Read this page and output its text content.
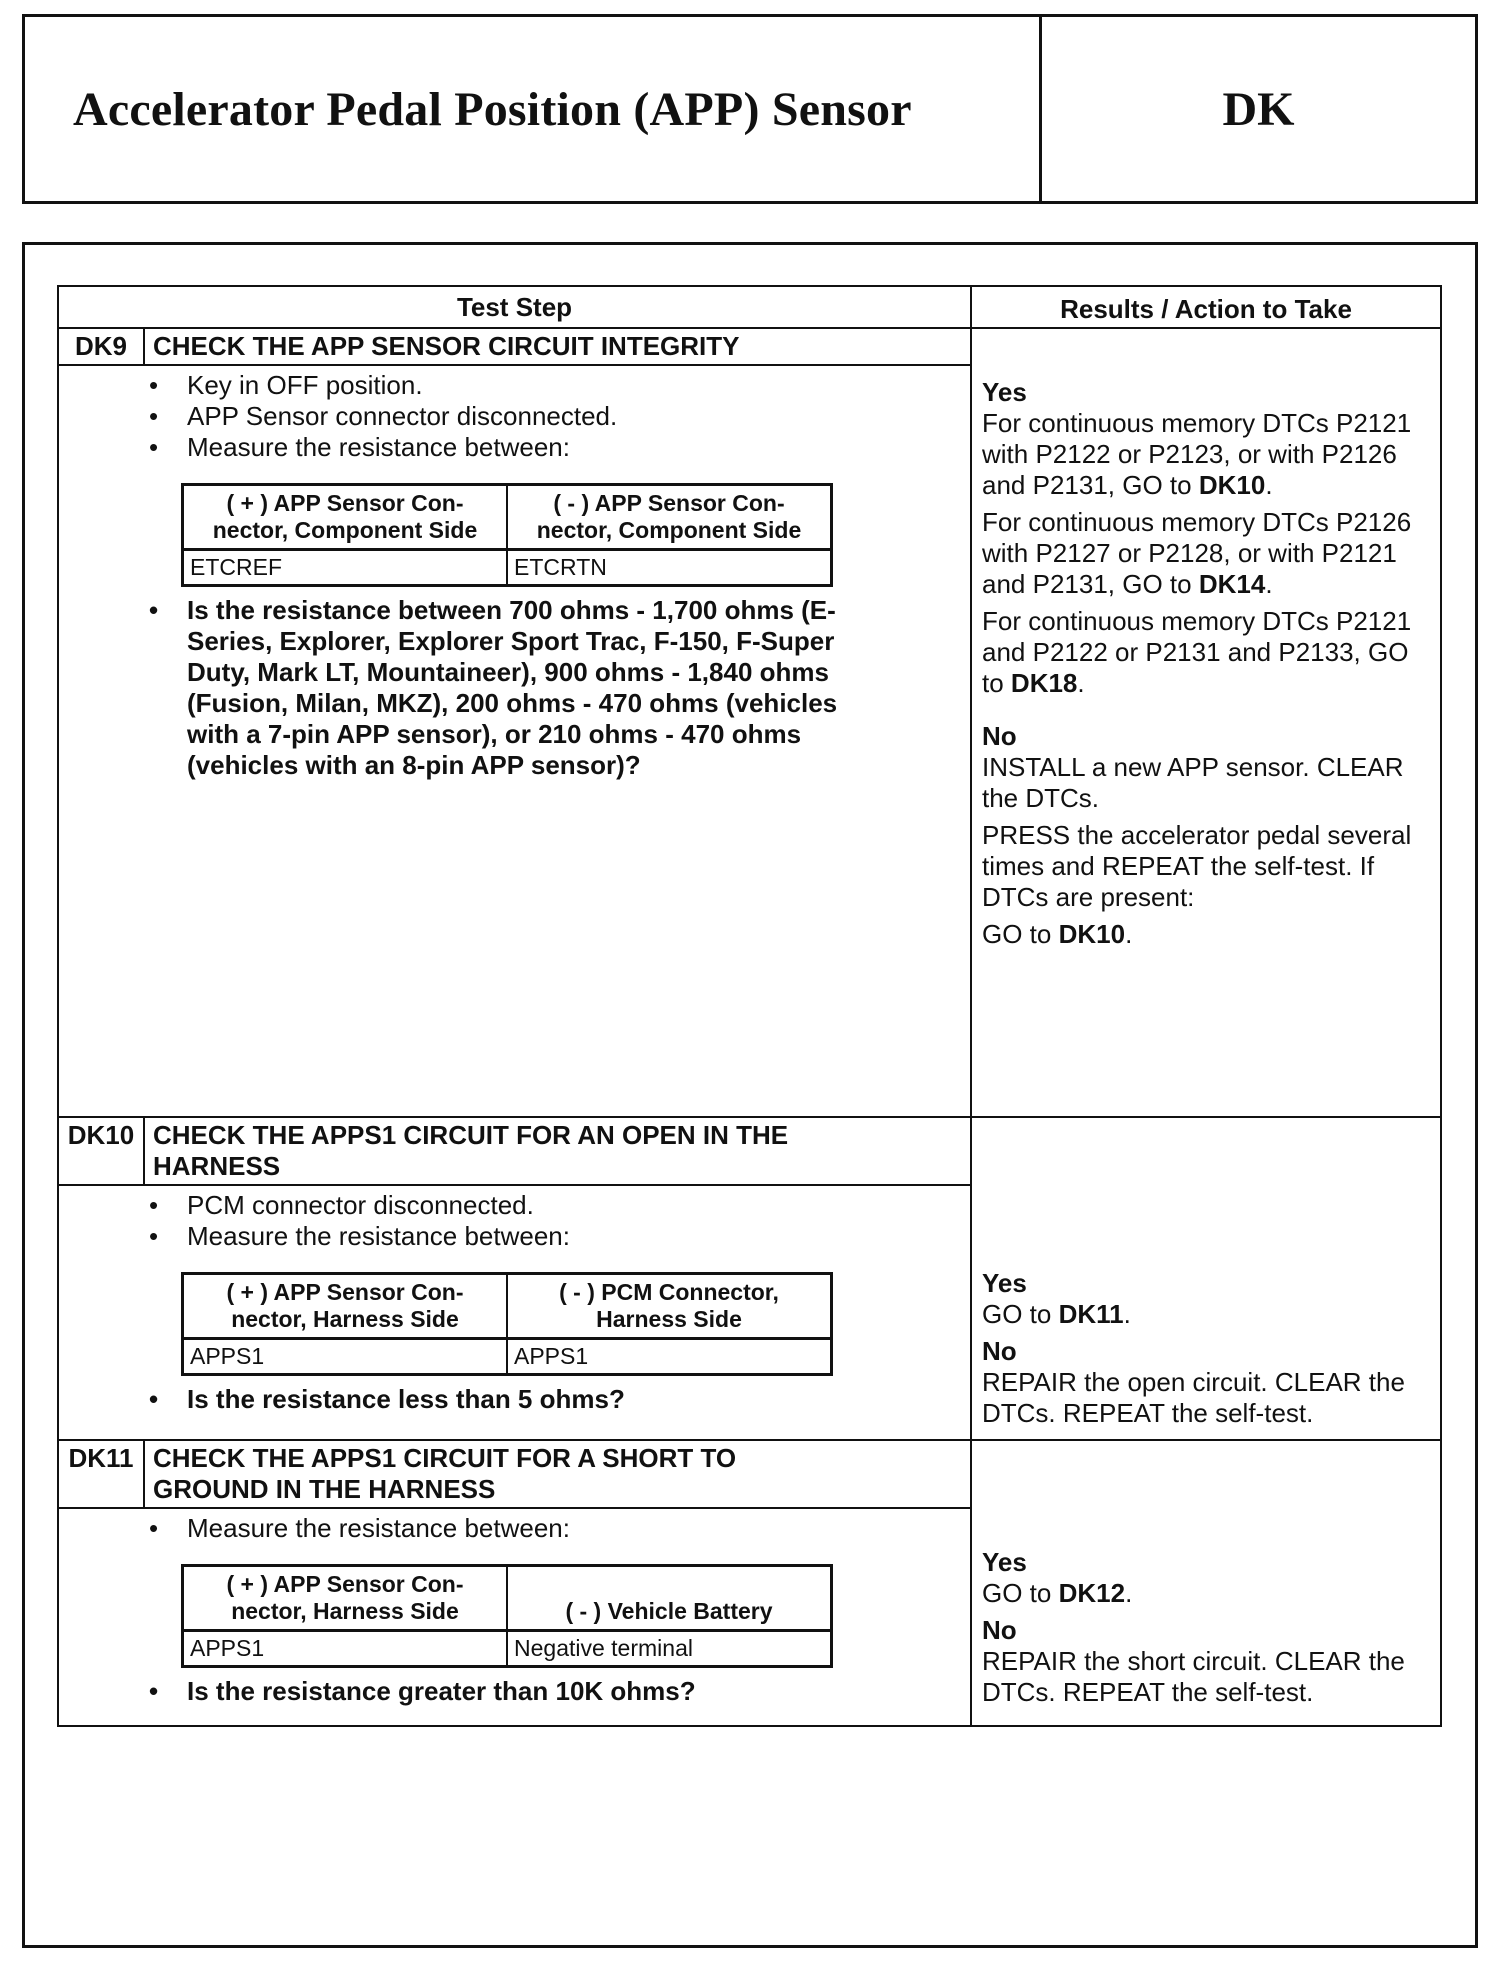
Accelerator Pedal Position (APP) Sensor	DK
Test Step	Results / Action to Take

DK9	CHECK THE APP SENSOR CIRCUIT INTEGRITY
• Key in OFF position.
• APP Sensor connector disconnected.
• Measure the resistance between:
( + ) APP Sensor Con- nector, Component Side	( - ) APP Sensor Con- nector, Component Side
ETCREF	ETCRTN
• Is the resistance between 700 ohms - 1,700 ohms (E-Series, Explorer, Explorer Sport Trac, F-150, F-Super Duty, Mark LT, Mountaineer), 900 ohms - 1,840 ohms (Fusion, Milan, MKZ), 200 ohms - 470 ohms (vehicles with a 7-pin APP sensor), or 210 ohms - 470 ohms (vehicles with an 8-pin APP sensor)?

Yes

For continuous memory DTCs P2121 with P2122 or P2123, or with P2126 and P2131, GO to DK10.

For continuous memory DTCs P2126 with P2127 or P2128, or with P2121 and P2131, GO to DK14.

For continuous memory DTCs P2121 and P2122 or P2131 and P2133, GO to DK18.

No

INSTALL a new APP sensor. CLEAR the DTCs.

PRESS the accelerator pedal several times and REPEAT the self-test. If DTCs are present:

GO to DK10.

DK10 CHECK THE APPS1 CIRCUIT FOR AN OPEN IN THE HARNESS
• PCM connector disconnected.
• Measure the resistance between:
( + ) APP Sensor Con- nector, Harness Side	( - ) PCM Connector, Harness Side
APPS1	APPS1
• Is the resistance less than 5 ohms?

Yes

GO to DK11.

No

REPAIR the open circuit. CLEAR the DTCs. REPEAT the self-test.

DK11 CHECK THE APPS1 CIRCUIT FOR A SHORT TO GROUND IN THE HARNESS
• Measure the resistance between:
( + ) APP Sensor Con- nector, Harness Side	( - ) Vehicle Battery
APPS1	Negative terminal
• Is the resistance greater than 10K ohms?

Yes

GO to DK12.

No

REPAIR the short circuit. CLEAR the DTCs. REPEAT the self-test.
